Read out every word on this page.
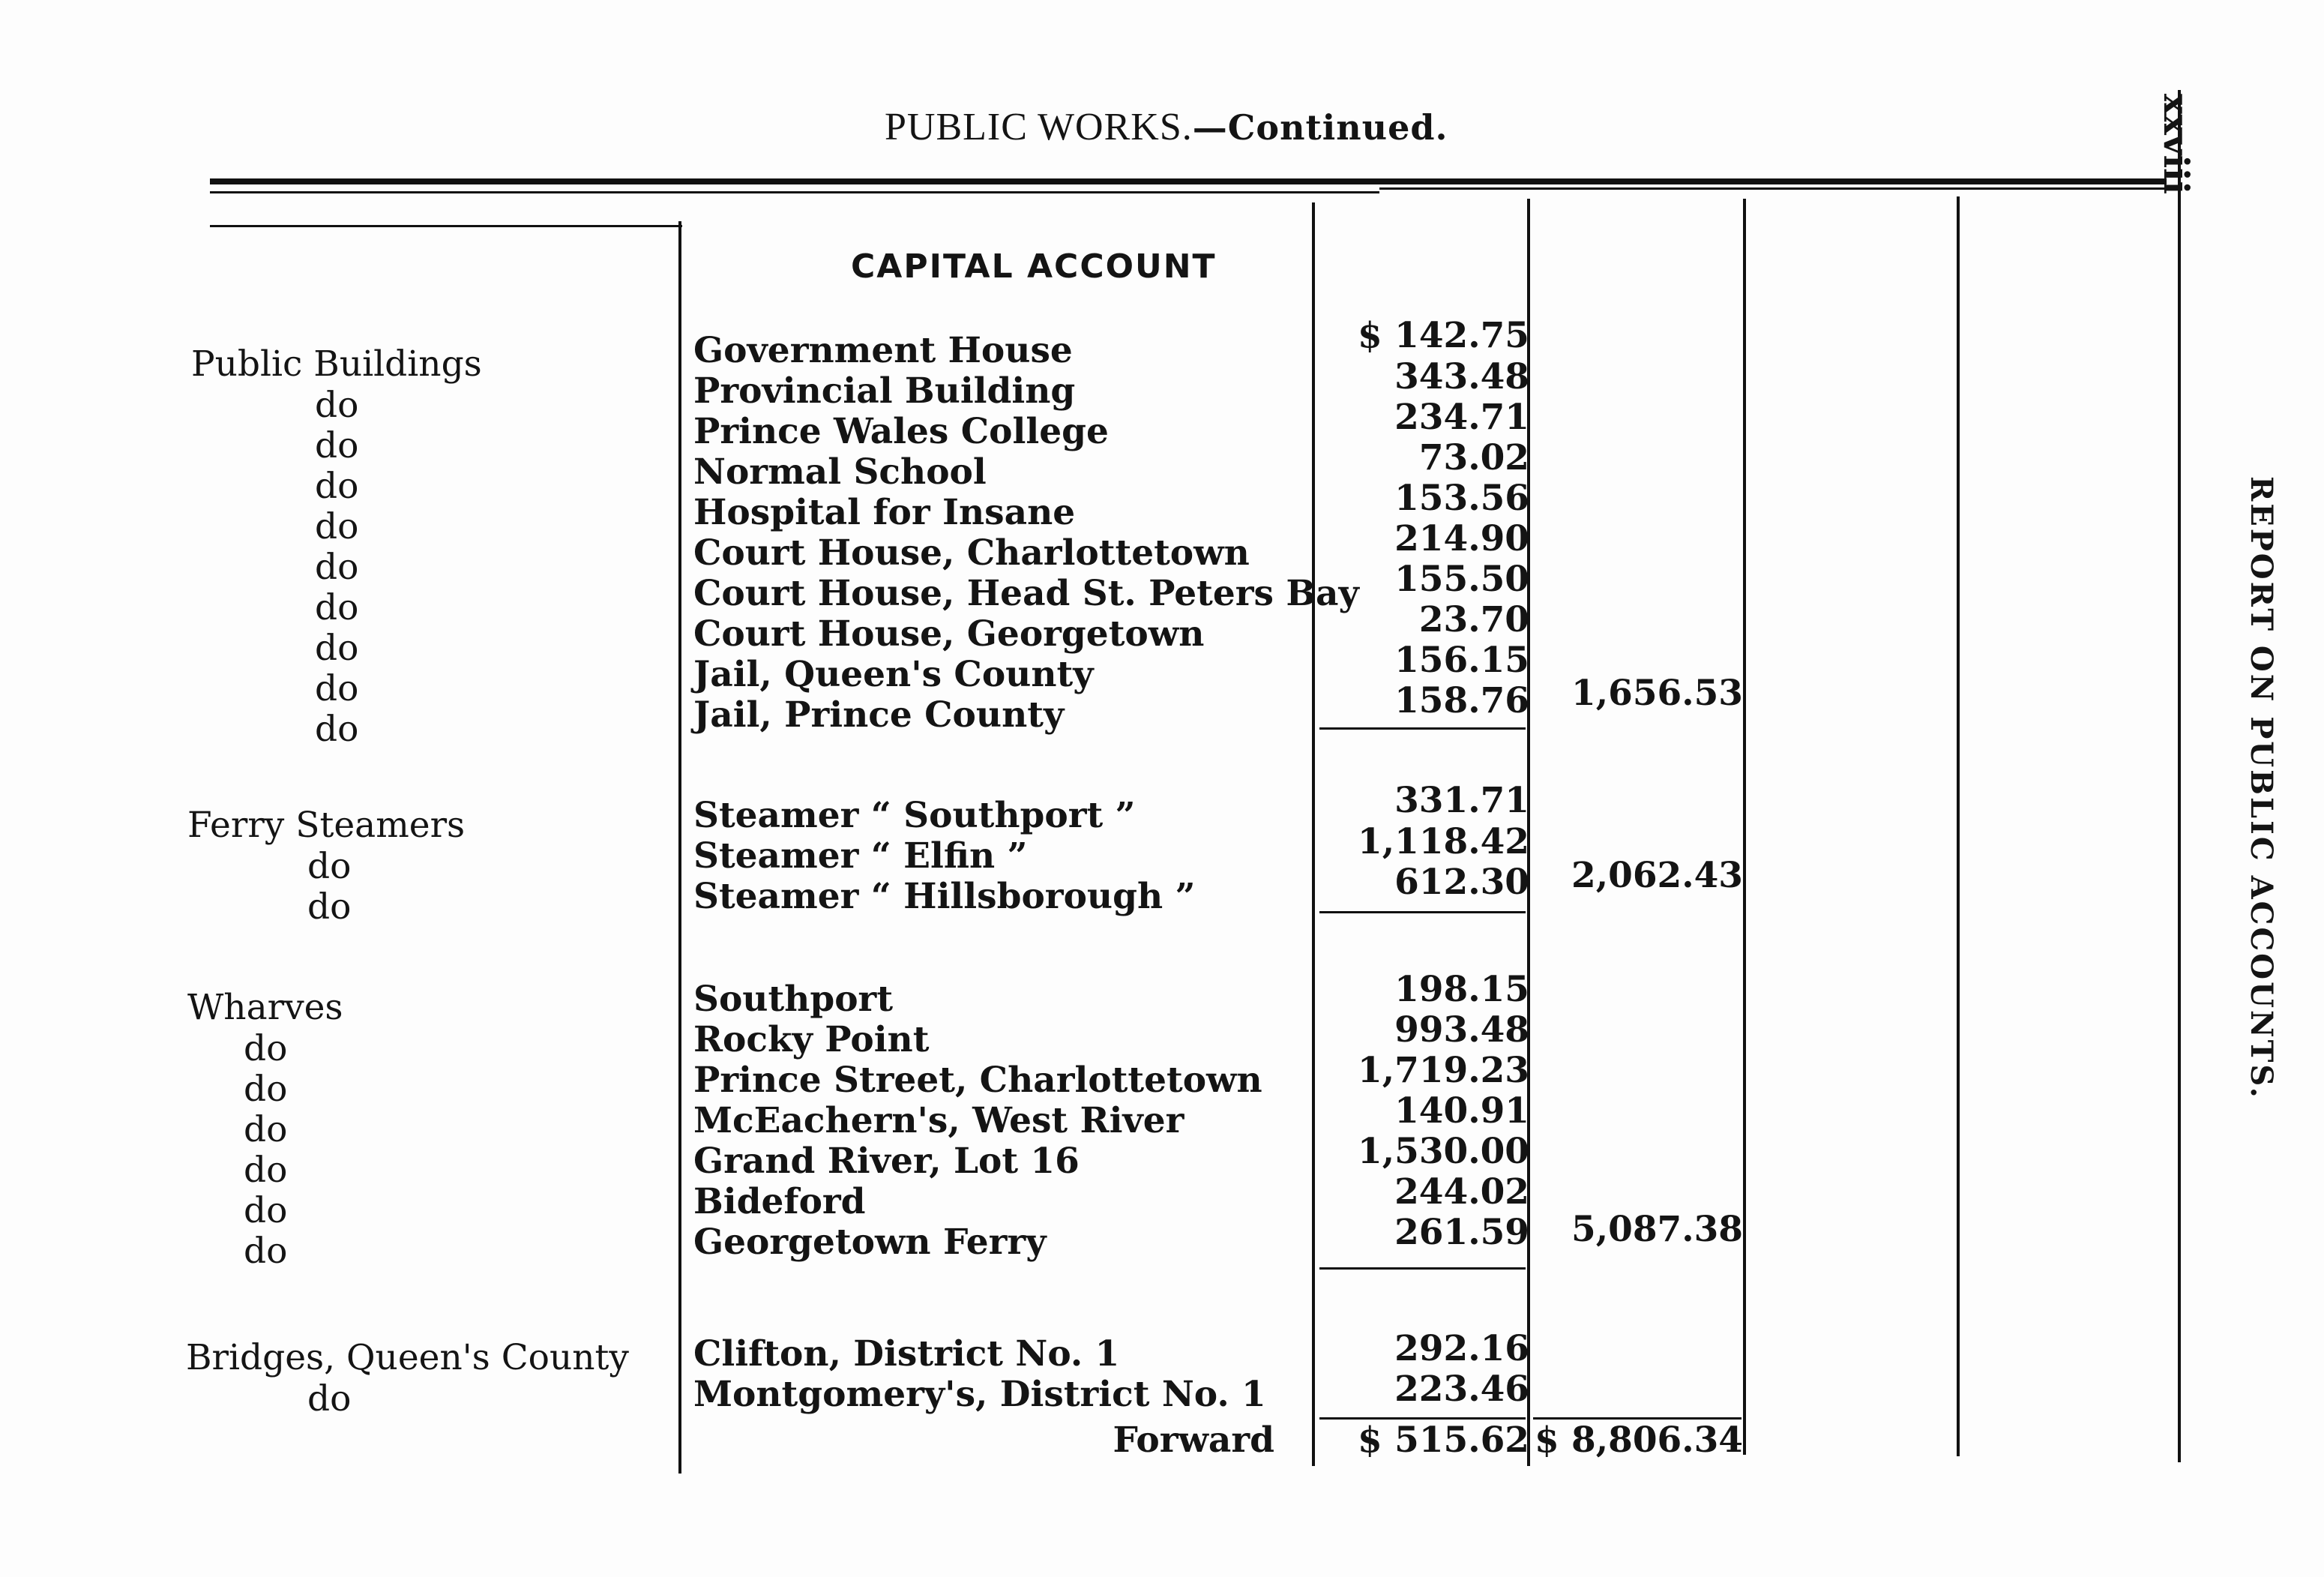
PUBLIC WORKS.—Continued.	xxviii
REPORT ON PUBLIC ACCOUNTS.
CAPITAL ACCOUNT
Public Buildings
do
do
do
do
do
do
do
do
do
Government House
Provincial Building
Prince Wales College
Normal School
Hospital for Insane
Court House, Charlottetown
Court House, Head St. Peters Bay
Court House, Georgetown
Jail, Queen's County
Jail, Prince County
$ 142.75
343.48
234.71
73.02
153.56
214.90
155.50
23.70
156.15
158.76 1,656.53
Ferry Steamers
do
do
Steamer “ Southport ”
Steamer “ Elfin ”
Steamer “ Hillsborough ”
331.71
1,118.42
612.30 2,062.43
Wharves
do
do
do
do
do
do
Southport
Rocky Point
Prince Street, Charlottetown
McEachern's, West River
Grand River, Lot 16
Bideford
Georgetown Ferry
198.15
993.48
1,719.23
140.91
1,530.00
244.02
261.59 5,087.38
Bridges, Queen's County
do
Clifton, District No. 1
Montgomery's, District No. 1
292.16
223.46
Forward $ 515.62 $ 8,806.34
